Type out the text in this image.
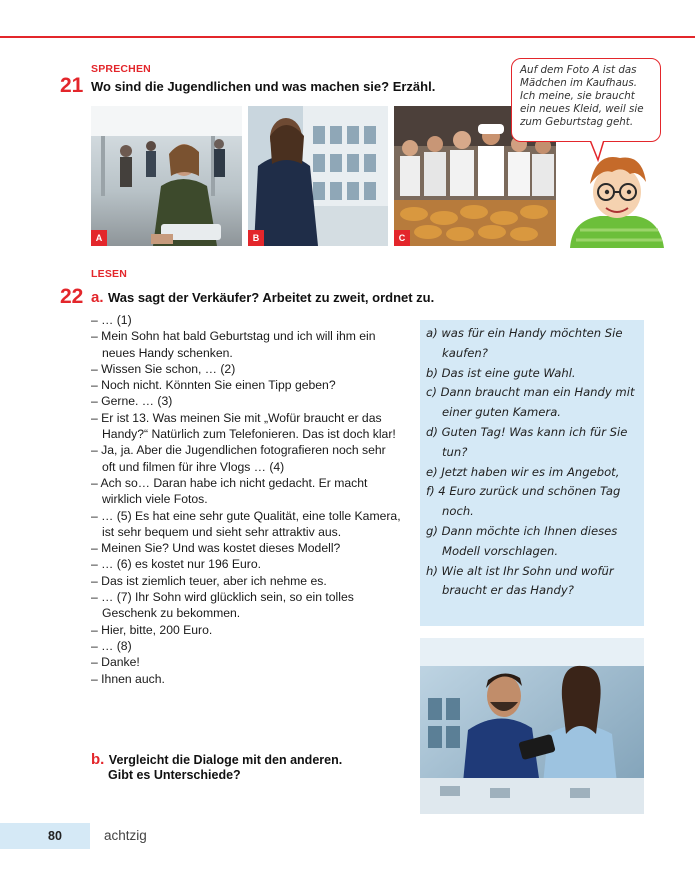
SPRECHEN
21 Wo sind die Jugendlichen und was machen sie? Erzähl.
A	B	C
Auf dem Foto A ist das Mädchen im Kaufhaus. Ich meine, sie braucht ein neues Kleid, weil sie zum Geburtstag geht.
LESEN
22 a. Was sagt der Verkäufer? Arbeitet zu zweit, ordnet zu.
– … (1)
– Mein Sohn hat bald Geburtstag und ich will ihm ein neues Handy schenken.
– Wissen Sie schon, … (2)
– Noch nicht. Könnten Sie einen Tipp geben?
– Gerne. … (3)
– Er ist 13. Was meinen Sie mit „Wofür braucht er das Handy?“ Natürlich zum Telefonieren. Das ist doch klar!
– Ja, ja. Aber die Jugendlichen fotografieren noch sehr oft und filmen für ihre Vlogs … (4)
– Ach so… Daran habe ich nicht gedacht. Er macht wirklich viele Fotos.
– … (5) Es hat eine sehr gute Qualität, eine tolle Kamera, ist sehr bequem und sieht sehr attraktiv aus.
– Meinen Sie? Und was kostet dieses Modell?
– … (6) es kostet nur 196 Euro.
– Das ist ziemlich teuer, aber ich nehme es.
– … (7) Ihr Sohn wird glücklich sein, so ein tolles Geschenk zu bekommen.
– Hier, bitte, 200 Euro.
– … (8)
– Danke!
– Ihnen auch.
a) was für ein Handy möchten Sie kaufen?
b) Das ist eine gute Wahl.
c) Dann braucht man ein Handy mit einer guten Kamera.
d) Guten Tag! Was kann ich für Sie tun?
e) Jetzt haben wir es im Angebot,
f) 4 Euro zurück und schönen Tag noch.
g) Dann möchte ich Ihnen dieses Modell vorschlagen.
h) Wie alt ist Ihr Sohn und wofür braucht er das Handy?
b. Vergleicht die Dialoge mit den anderen.
Gibt es Unterschiede?
80	achtzig
